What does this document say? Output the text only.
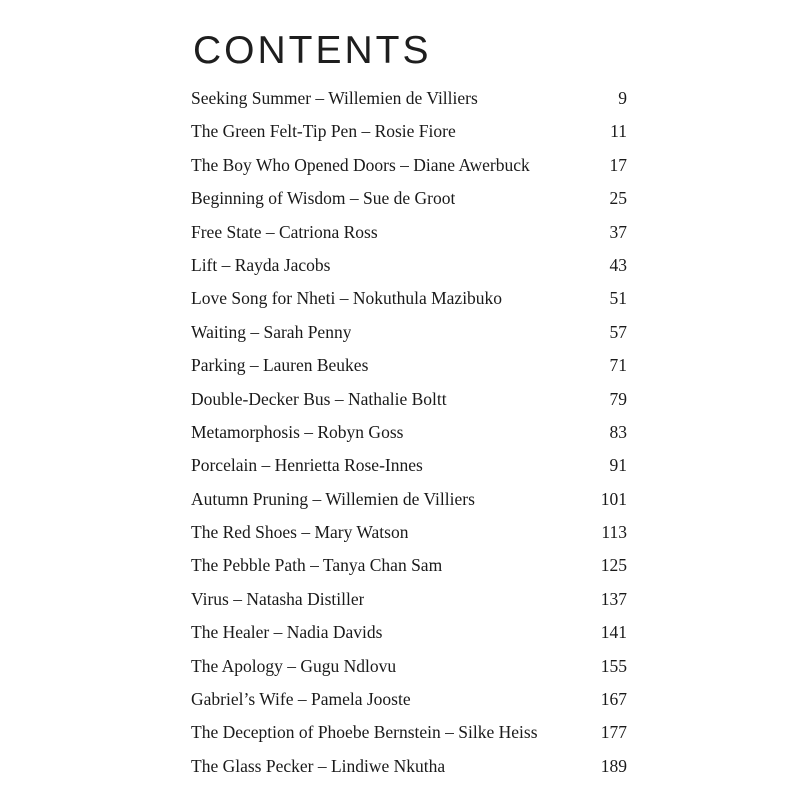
CONTENTS
Seeking Summer – Willemien de Villiers	9
The Green Felt-Tip Pen – Rosie Fiore	11
The Boy Who Opened Doors – Diane Awerbuck	17
Beginning of Wisdom – Sue de Groot	25
Free State – Catriona Ross	37
Lift – Rayda Jacobs	43
Love Song for Nheti – Nokuthula Mazibuko	51
Waiting – Sarah Penny	57
Parking – Lauren Beukes	71
Double-Decker Bus – Nathalie Boltt	79
Metamorphosis – Robyn Goss	83
Porcelain – Henrietta Rose-Innes	91
Autumn Pruning – Willemien de Villiers	101
The Red Shoes – Mary Watson	113
The Pebble Path – Tanya Chan Sam	125
Virus – Natasha Distiller	137
The Healer – Nadia Davids	141
The Apology – Gugu Ndlovu	155
Gabriel’s Wife – Pamela Jooste	167
The Deception of Phoebe Bernstein – Silke Heiss	177
The Glass Pecker – Lindiwe Nkutha	189
